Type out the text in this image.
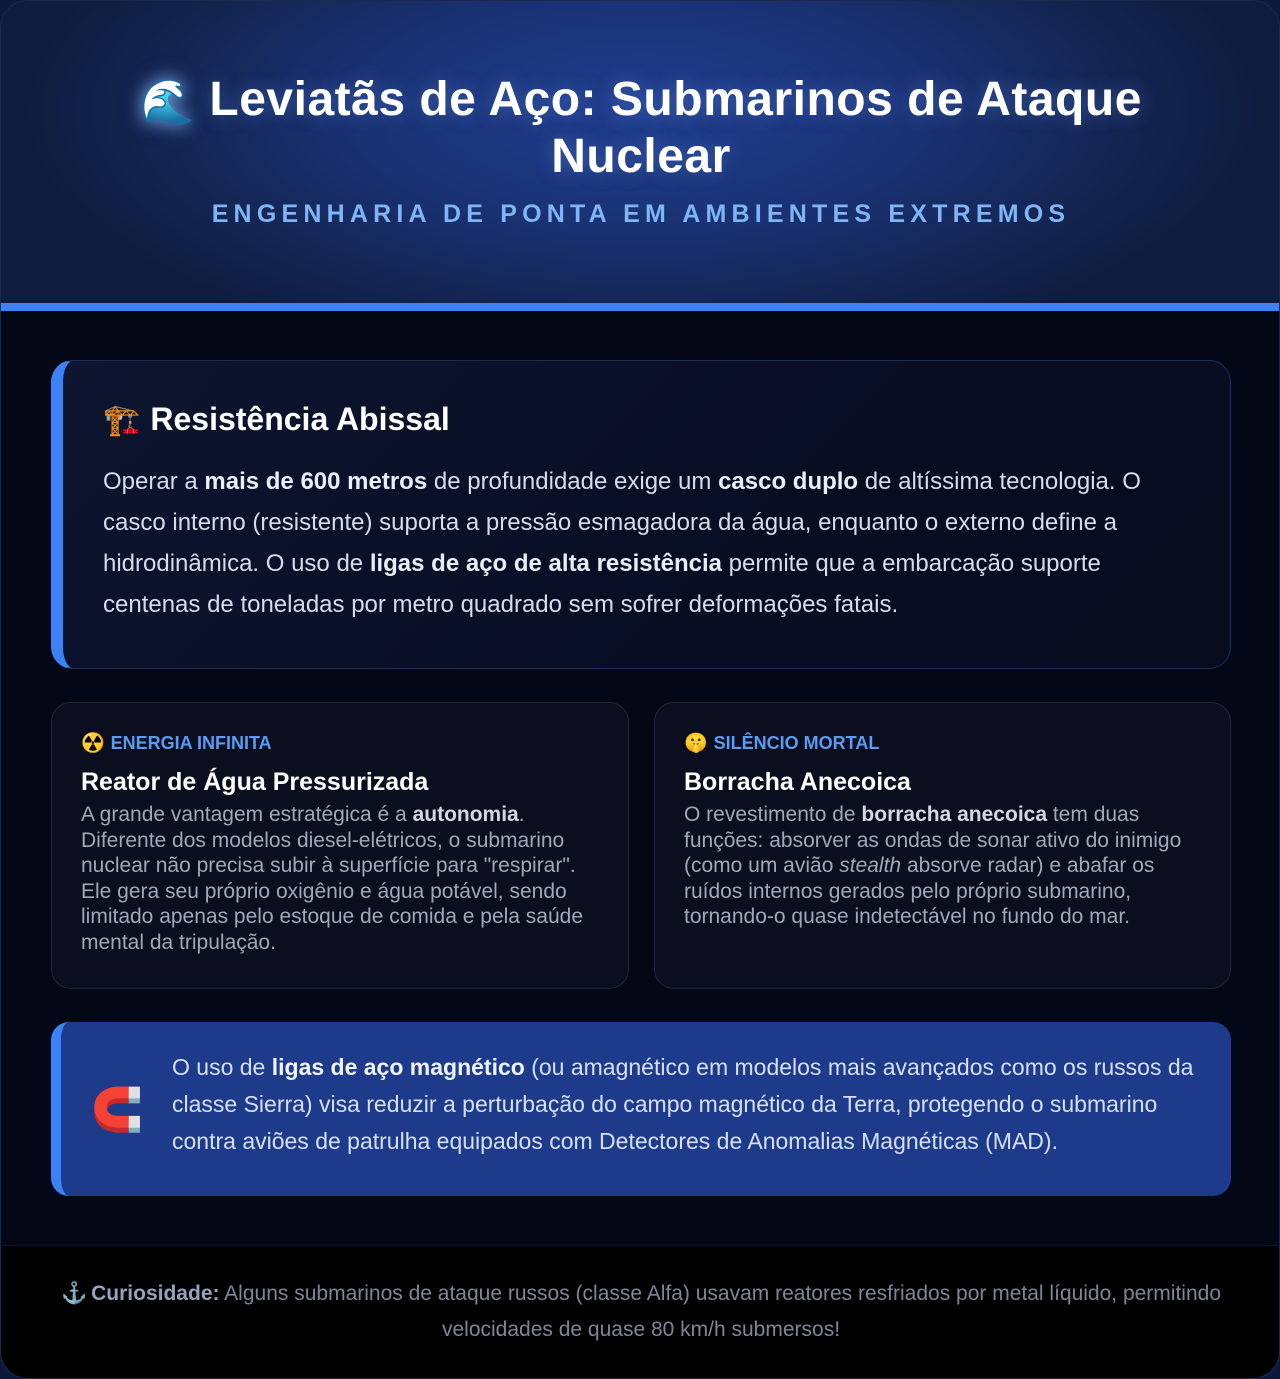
🌊 Leviatãs de Aço: Submarinos de Ataque Nuclear
ENGENHARIA DE PONTA EM AMBIENTES EXTREMOS
🏗️ Resistência Abissal

Operar a mais de 600 metros de profundidade exige um casco duplo de altíssima tecnologia. O casco interno (resistente) suporta a pressão esmagadora da água, enquanto o externo define a hidrodinâmica. O uso de ligas de aço de alta resistência permite que a embarcação suporte centenas de toneladas por metro quadrado sem sofrer deformações fatais.

☢️ ENERGIA INFINITA
Reator de Água Pressurizada

A grande vantagem estratégica é a autonomia. Diferente dos modelos diesel-elétricos, o submarino nuclear não precisa subir à superfície para "respirar". Ele gera seu próprio oxigênio e água potável, sendo limitado apenas pelo estoque de comida e pela saúde mental da tripulação.

🤫 SILÊNCIO MORTAL
Borracha Anecoica

O revestimento de borracha anecoica tem duas funções: absorver as ondas de sonar ativo do inimigo (como um avião stealth absorve radar) e abafar os ruídos internos gerados pelo próprio submarino, tornando-o quase indetectável no fundo do mar.

🧲

O uso de ligas de aço magnético (ou amagnético em modelos mais avançados como os russos da classe Sierra) visa reduzir a perturbação do campo magnético da Terra, protegendo o submarino contra aviões de patrulha equipados com Detectores de Anomalias Magnéticas (MAD).

⚓ Curiosidade: Alguns submarinos de ataque russos (classe Alfa) usavam reatores resfriados por metal líquido, permitindo velocidades de quase 80 km/h submersos!
